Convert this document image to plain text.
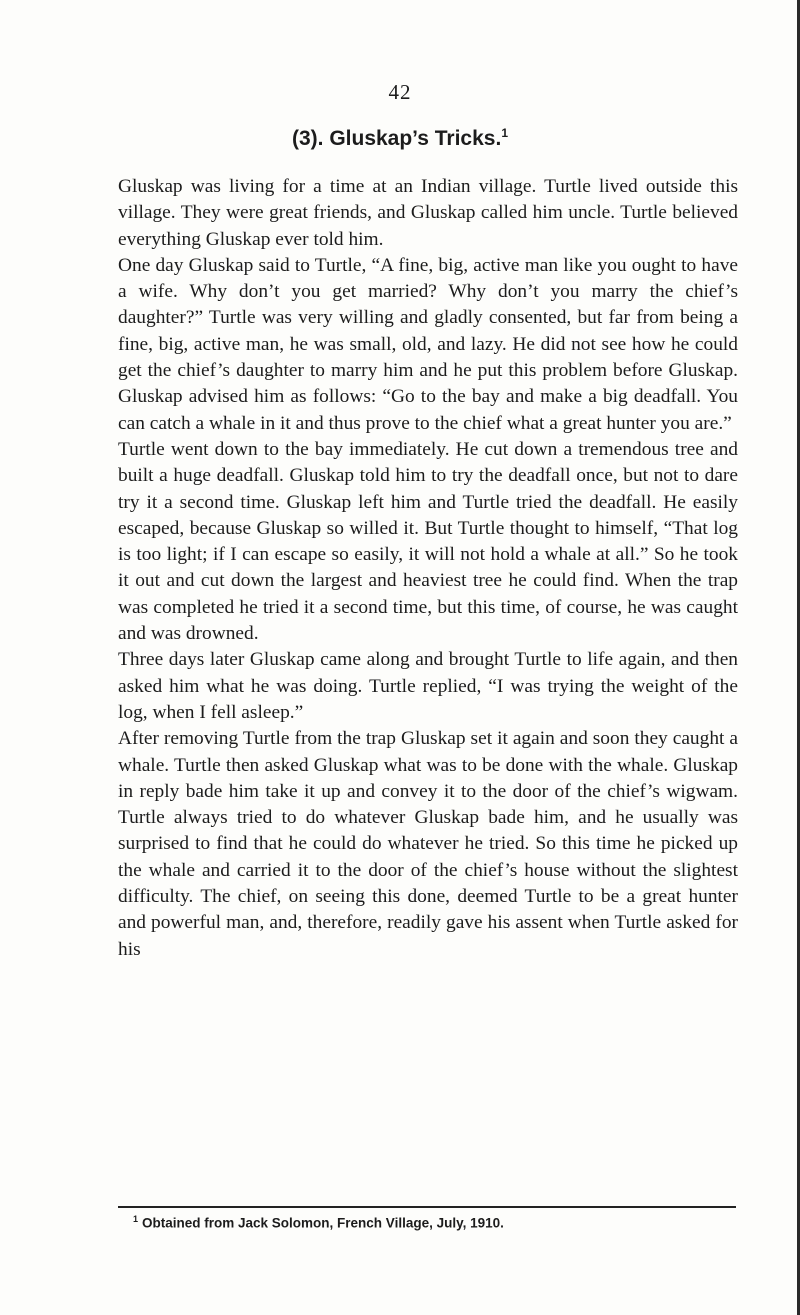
42
(3). Gluskap’s Tricks.$^1$

Gluskap was living for a time at an Indian village. Turtle lived outside this village. They were great friends, and Gluskap called him uncle. Turtle believed everything Gluskap ever told him.

One day Gluskap said to Turtle, “A fine, big, active man like you ought to have a wife. Why don’t you get married? Why don’t you marry the chief’s daughter?” Turtle was very willing and gladly consented, but far from being a fine, big, active man, he was small, old, and lazy. He did not see how he could get the chief’s daughter to marry him and he put this problem before Gluskap. Gluskap advised him as follows: “Go to the bay and make a big deadfall. You can catch a whale in it and thus prove to the chief what a great hunter you are.”

Turtle went down to the bay immediately. He cut down a tremendous tree and built a huge deadfall. Gluskap told him to try the deadfall once, but not to dare try it a second time. Gluskap left him and Turtle tried the deadfall. He easily escaped, because Gluskap so willed it. But Turtle thought to himself, “That log is too light; if I can escape so easily, it will not hold a whale at all.” So he took it out and cut down the largest and heaviest tree he could find. When the trap was completed he tried it a second time, but this time, of course, he was caught and was drowned.

Three days later Gluskap came along and brought Turtle to life again, and then asked him what he was doing. Turtle replied, “I was trying the weight of the log, when I fell asleep.”

After removing Turtle from the trap Gluskap set it again and soon they caught a whale. Turtle then asked Gluskap what was to be done with the whale. Gluskap in reply bade him take it up and convey it to the door of the chief’s wigwam. Turtle always tried to do whatever Gluskap bade him, and he usually was surprised to find that he could do whatever he tried. So this time he picked up the whale and carried it to the door of the chief’s house without the slightest difficulty. The chief, on seeing this done, deemed Turtle to be a great hunter and powerful man, and, therefore, readily gave his assent when Turtle asked for his

$^1$ Obtained from Jack Solomon, French Village, July, 1910.
